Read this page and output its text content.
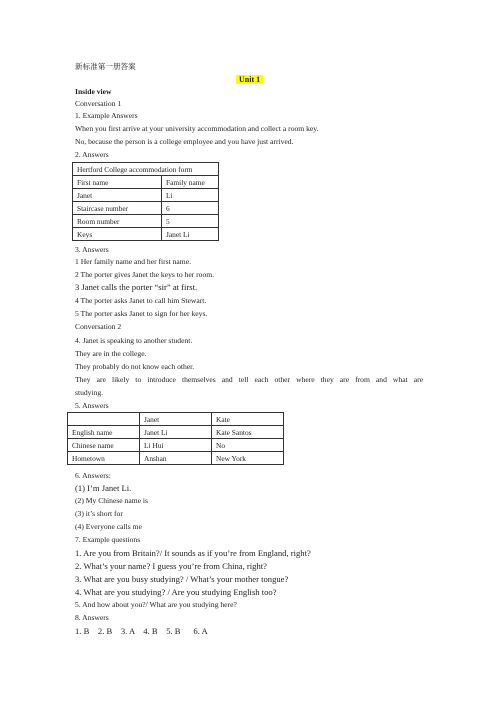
新标准第一册答案
Unit 1
Inside view
Conversation 1
1. Example Answers
When you first arrive at your university accommodation and collect a room key.
No, because the person is a college employee and you have just arrived.
2. Answers
Hertford College accommodation form	
First name	Family name
Janet	Li
Staircase number	6
Room number	5
Keys	Janet Li
3. Answers
1 Her family name and her first name.
2 The porter gives Janet the keys to her room.
3 Janet calls the porter “sir” at first.
4 The porter asks Janet to call him Stewart.
5 The porter asks Janet to sign for her keys.
Conversation 2
4. Janet is speaking to another student.
They are in the college.
They probably do not know each other.
They are likely to introduce themselves and tell each other where they are from and what are
studying.
5. Answers
	Janet	Kate
English name	Janet Li	Kate Santos
Chinese name	Li Hui	No
Hometown	Anshan	New York
6. Answers:
(1) I’m Janet Li.
(2) My Chinese name is
(3) it’s short for
(4) Everyone calls me
7. Example questions
1. Are you from Britain?/ It sounds as if you’re from England, right?
2. What’s your name? I guess you’re from China, right?
3. What are you busy studying? / What’s your mother tongue?
4. What are you studying? / Are you studying English too?
5. And how about you?/ What are you studying here?
8. Answers
1. B    2. B    3. A    4. B    5. B      6. A
